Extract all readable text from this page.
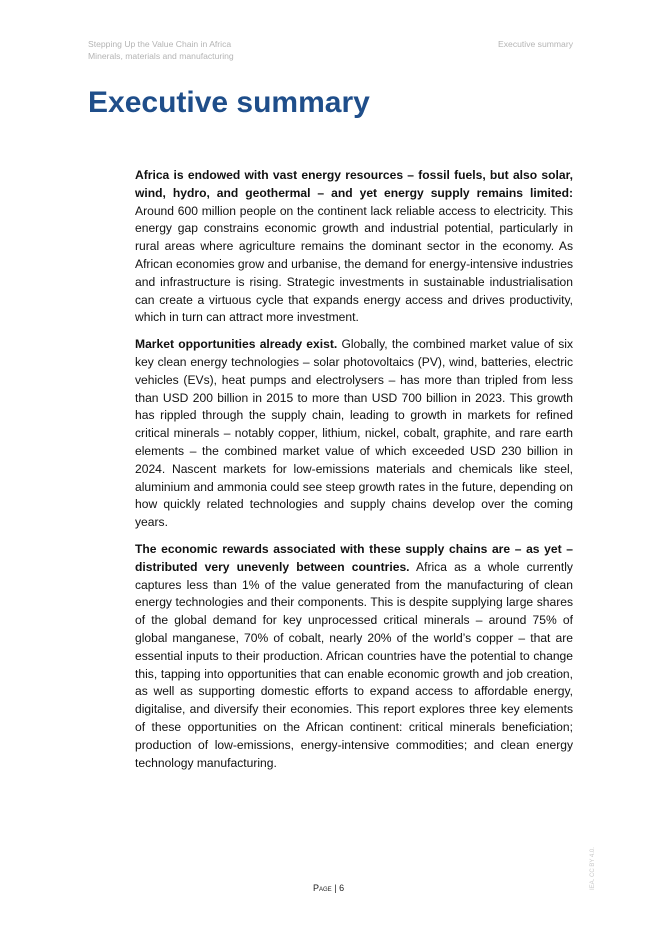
Stepping Up the Value Chain in Africa
Minerals, materials and manufacturing
Executive summary
Executive summary

Africa is endowed with vast energy resources – fossil fuels, but also solar, wind, hydro, and geothermal – and yet energy supply remains limited: Around 600 million people on the continent lack reliable access to electricity. This energy gap constrains economic growth and industrial potential, particularly in rural areas where agriculture remains the dominant sector in the economy. As African economies grow and urbanise, the demand for energy-intensive industries and infrastructure is rising. Strategic investments in sustainable industrialisation can create a virtuous cycle that expands energy access and drives productivity, which in turn can attract more investment.

Market opportunities already exist. Globally, the combined market value of six key clean energy technologies – solar photovoltaics (PV), wind, batteries, electric vehicles (EVs), heat pumps and electrolysers – has more than tripled from less than USD 200 billion in 2015 to more than USD 700 billion in 2023. This growth has rippled through the supply chain, leading to growth in markets for refined critical minerals – notably copper, lithium, nickel, cobalt, graphite, and rare earth elements – the combined market value of which exceeded USD 230 billion in 2024. Nascent markets for low-emissions materials and chemicals like steel, aluminium and ammonia could see steep growth rates in the future, depending on how quickly related technologies and supply chains develop over the coming years.

The economic rewards associated with these supply chains are – as yet – distributed very unevenly between countries. Africa as a whole currently captures less than 1% of the value generated from the manufacturing of clean energy technologies and their components. This is despite supplying large shares of the global demand for key unprocessed critical minerals – around 75% of global manganese, 70% of cobalt, nearly 20% of the world’s copper – that are essential inputs to their production. African countries have the potential to change this, tapping into opportunities that can enable economic growth and job creation, as well as supporting domestic efforts to expand access to affordable energy, digitalise, and diversify their economies. This report explores three key elements of these opportunities on the African continent: critical minerals beneficiation; production of low-emissions, energy-intensive commodities; and clean energy technology manufacturing.

Page | 6	IEA. CC BY 4.0.
